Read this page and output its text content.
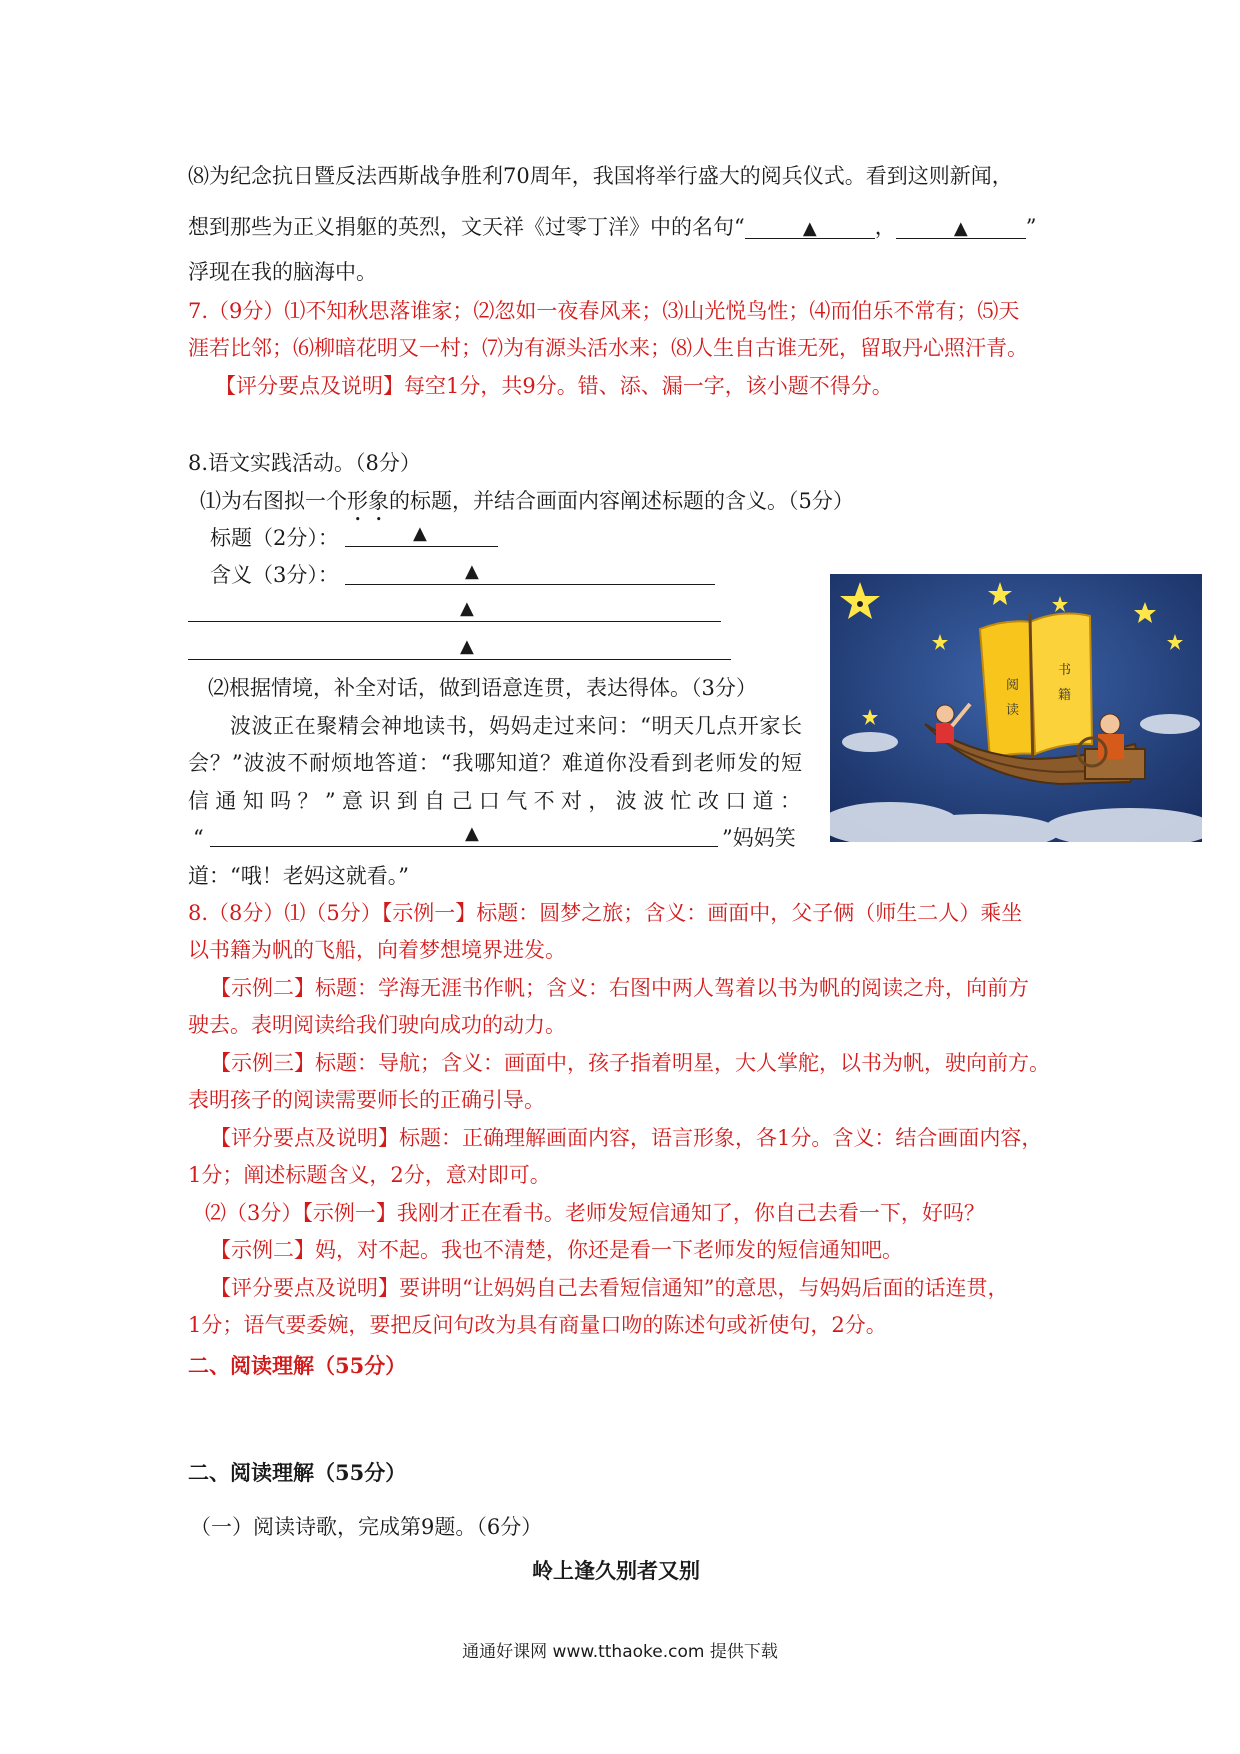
⑻为纪念抗日暨反法西斯战争胜利70周年，我国将举行盛大的阅兵仪式。看到这则新闻，
想到那些为正义捐躯的英烈，文天祥《过零丁洋》中的名句“	▲	，	▲	”
浮现在我的脑海中。
7.（9分）⑴不知秋思落谁家；⑵忽如一夜春风来；⑶山光悦鸟性；⑷而伯乐不常有；⑸天
涯若比邻；⑹柳暗花明又一村；⑺为有源头活水来；⑻人生自古谁无死，留取丹心照汗青。
【评分要点及说明】每空1分，共9分。错、添、漏一字，该小题不得分。
8.语文实践活动。（8分）
⑴为右图拟一个形象的标题，并结合画面内容阐述标题的含义。（5分）
标题（2分）：	▲
含义（3分）：	▲
▲
▲
⑵根据情境，补全对话，做到语意连贯，表达得体。（3分）
波波正在聚精会神地读书，妈妈走过来问：“明天几点开家长
会？”波波不耐烦地答道：“我哪知道？难道你没看到老师发的短
信通知吗？”意识到自己口气不对，波波忙改口道：
“	▲	”妈妈笑
道：“哦！老妈这就看。”
阅
读
书
籍
8.（8分）⑴（5分）【示例一】标题：圆梦之旅；含义：画面中，父子俩（师生二人）乘坐
以书籍为帆的飞船，向着梦想境界进发。
【示例二】标题：学海无涯书作帆；含义：右图中两人驾着以书为帆的阅读之舟，向前方
驶去。表明阅读给我们驶向成功的动力。
【示例三】标题：导航；含义：画面中，孩子指着明星，大人掌舵，以书为帆，驶向前方。
表明孩子的阅读需要师长的正确引导。
【评分要点及说明】标题：正确理解画面内容，语言形象，各1分。含义：结合画面内容，
1分；阐述标题含义，2分，意对即可。
⑵（3分）【示例一】我刚才正在看书。老师发短信通知了，你自己去看一下，好吗？
【示例二】妈，对不起。我也不清楚，你还是看一下老师发的短信通知吧。
【评分要点及说明】要讲明“让妈妈自己去看短信通知”的意思，与妈妈后面的话连贯，
1分；语气要委婉，要把反问句改为具有商量口吻的陈述句或祈使句，2分。
二、阅读理解（55分）
二、阅读理解（55分）
（一）阅读诗歌，完成第9题。（6分）
岭上逢久别者又别
通通好课网 www.tthaoke.com 提供下载
